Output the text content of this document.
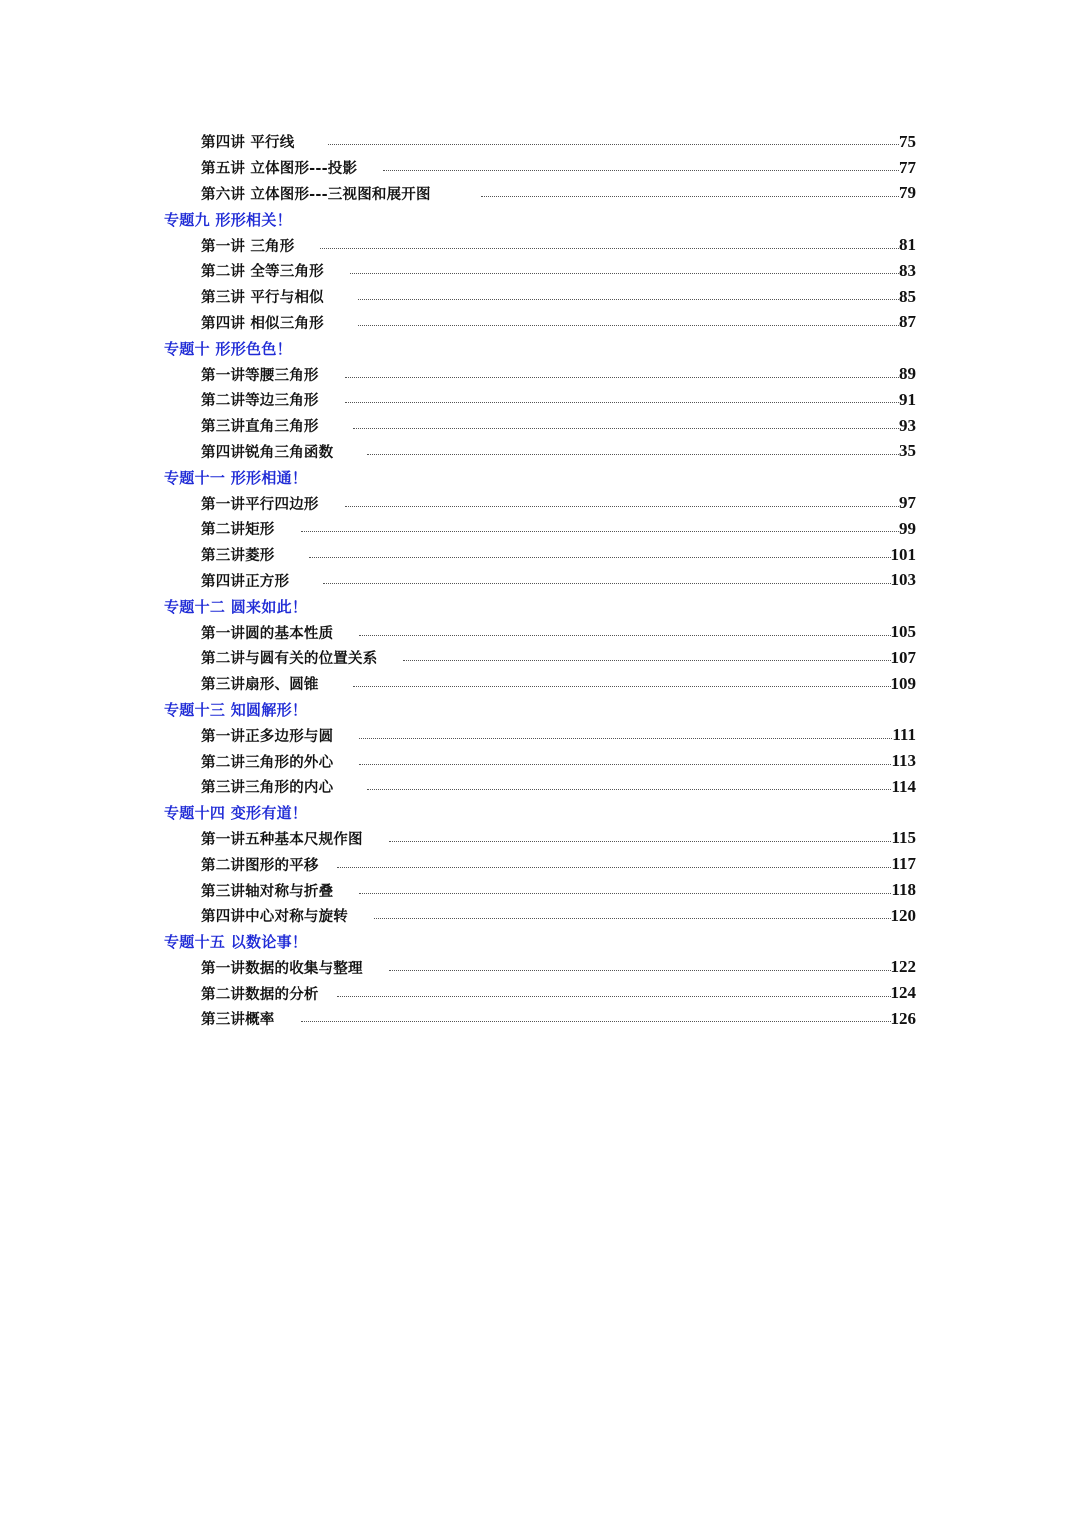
第四讲 平行线	75
第五讲 立体图形---投影	77
第六讲 立体图形---三视图和展开图	79
专题九 形形相关！
第一讲 三角形	81
第二讲 全等三角形	83
第三讲 平行与相似	85
第四讲 相似三角形	87
专题十 形形色色！
第一讲等腰三角形	89
第二讲等边三角形	91
第三讲直角三角形	93
第四讲锐角三角函数	35
专题十一 形形相通！
第一讲平行四边形	97
第二讲矩形	99
第三讲菱形	101
第四讲正方形	103
专题十二 圆来如此！
第一讲圆的基本性质	105
第二讲与圆有关的位置关系	107
第三讲扇形、圆锥	109
专题十三 知圆解形！
第一讲正多边形与圆	111
第二讲三角形的外心	113
第三讲三角形的内心	114
专题十四 变形有道！
第一讲五种基本尺规作图	115
第二讲图形的平移	117
第三讲轴对称与折叠	118
第四讲中心对称与旋转	120
专题十五 以数论事！
第一讲数据的收集与整理	122
第二讲数据的分析	124
第三讲概率	126
